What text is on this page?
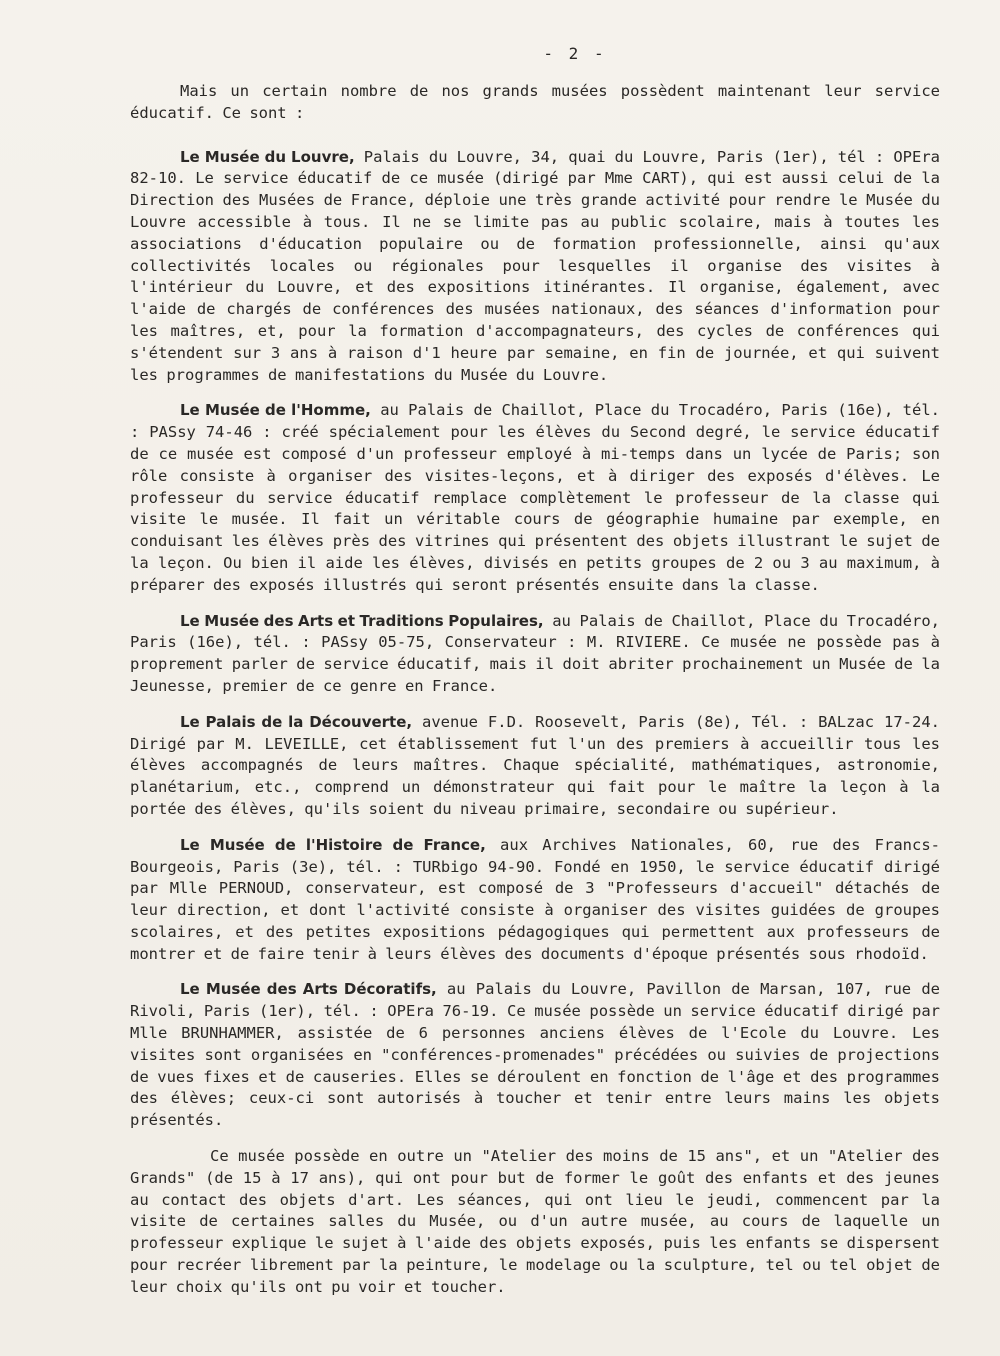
- 2 -

Mais un certain nombre de nos grands musées possèdent maintenant leur service éducatif. Ce sont :

Le Musée du Louvre, Palais du Louvre, 34, quai du Louvre, Paris (1er), tél : OPEra 82-10. Le service éducatif de ce musée (dirigé par Mme CART), qui est aussi celui de la Direction des Musées de France, déploie une très grande activité pour rendre le Musée du Louvre accessible à tous. Il ne se limite pas au public scolaire, mais à toutes les associations d'éducation populaire ou de formation professionnelle, ainsi qu'aux collectivités locales ou régionales pour lesquelles il organise des visites à l'intérieur du Louvre, et des expositions itinérantes. Il organise, également, avec l'aide de chargés de conférences des musées nationaux, des séances d'information pour les maîtres, et, pour la formation d'accompagnateurs, des cycles de conférences qui s'étendent sur 3 ans à raison d'1 heure par semaine, en fin de journée, et qui suivent les programmes de manifestations du Musée du Louvre.

Le Musée de l'Homme, au Palais de Chaillot, Place du Trocadéro, Paris (16e), tél. : PASsy 74-46 : créé spécialement pour les élèves du Second degré, le service éducatif de ce musée est composé d'un professeur employé à mi-temps dans un lycée de Paris; son rôle consiste à organiser des visites-leçons, et à diriger des exposés d'élèves. Le professeur du service éducatif remplace complètement le professeur de la classe qui visite le musée. Il fait un véritable cours de géographie humaine par exemple, en conduisant les élèves près des vitrines qui présentent des objets illustrant le sujet de la leçon. Ou bien il aide les élèves, divisés en petits groupes de 2 ou 3 au maximum, à préparer des exposés illustrés qui seront présentés ensuite dans la classe.

Le Musée des Arts et Traditions Populaires, au Palais de Chaillot, Place du Trocadéro, Paris (16e), tél. : PASsy 05-75, Conservateur : M. RIVIERE. Ce musée ne possède pas à proprement parler de service éducatif, mais il doit abriter prochainement un Musée de la Jeunesse, premier de ce genre en France.

Le Palais de la Découverte, avenue F.D. Roosevelt, Paris (8e), Tél. : BALzac 17-24. Dirigé par M. LEVEILLE, cet établissement fut l'un des premiers à accueillir tous les élèves accompagnés de leurs maîtres. Chaque spécialité, mathématiques, astronomie, planétarium, etc., comprend un démonstrateur qui fait pour le maître la leçon à la portée des élèves, qu'ils soient du niveau primaire, secondaire ou supérieur.

Le Musée de l'Histoire de France, aux Archives Nationales, 60, rue des Francs-Bourgeois, Paris (3e), tél. : TURbigo 94-90. Fondé en 1950, le service éducatif dirigé par Mlle PERNOUD, conservateur, est composé de 3 "Professeurs d'accueil" détachés de leur direction, et dont l'activité consiste à organiser des visites guidées de groupes scolaires, et des petites expositions pédagogiques qui permettent aux professeurs de montrer et de faire tenir à leurs élèves des documents d'époque présentés sous rhodoïd.

Le Musée des Arts Décoratifs, au Palais du Louvre, Pavillon de Marsan, 107, rue de Rivoli, Paris (1er), tél. : OPEra 76-19. Ce musée possède un service éducatif dirigé par Mlle BRUNHAMMER, assistée de 6 personnes anciens élèves de l'Ecole du Louvre. Les visites sont organisées en "conférences-promenades" précédées ou suivies de projections de vues fixes et de causeries. Elles se déroulent en fonction de l'âge et des programmes des élèves; ceux-ci sont autorisés à toucher et tenir entre leurs mains les objets présentés.

Ce musée possède en outre un "Atelier des moins de 15 ans", et un "Atelier des Grands" (de 15 à 17 ans), qui ont pour but de former le goût des enfants et des jeunes au contact des objets d'art. Les séances, qui ont lieu le jeudi, commencent par la visite de certaines salles du Musée, ou d'un autre musée, au cours de laquelle un professeur explique le sujet à l'aide des objets exposés, puis les enfants se dispersent pour recréer librement par la peinture, le modelage ou la sculpture, tel ou tel objet de leur choix qu'ils ont pu voir et toucher.
